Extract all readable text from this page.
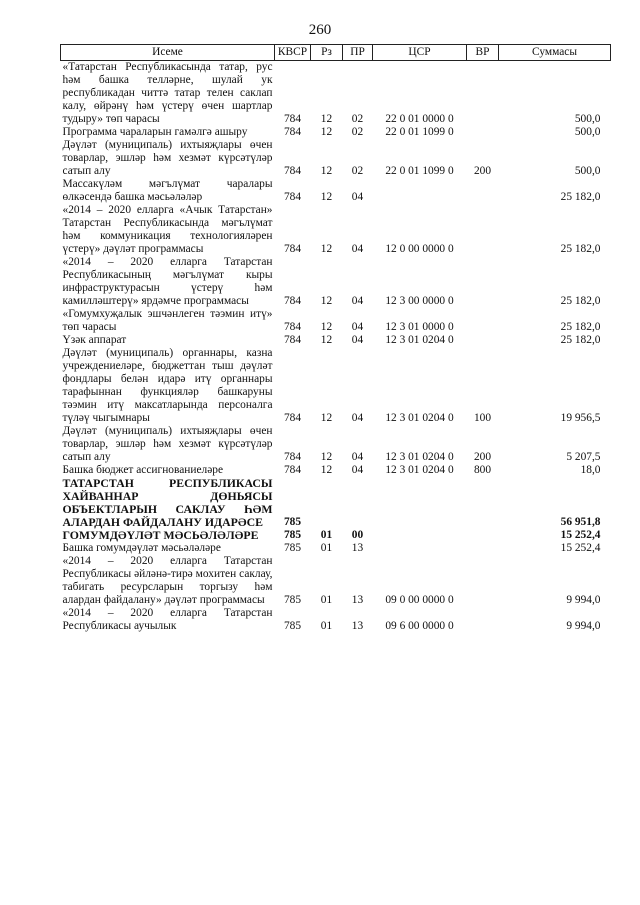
260
Исеме	КВСР	Рз	ПР	ЦСР	ВР	Суммасы
«Татарстан Республикасында татар, рус һәм башка телләрне, шулай ук республикадан читтә татар телен саклап калу, өйрәнү һәм үстерү өчен шартлар тудыру» төп чарасы	784	12	02	22 0 01 0000 0		500,0
Программа чараларын гамәлгә ашыру	784	12	02	22 0 01 1099 0		500,0
Дәүләт (муниципаль) ихтыяҗлары өчен товарлар, эшләр һәм хезмәт күрсәтүләр сатып алу	784	12	02	22 0 01 1099 0	200	500,0
Массакүләм мәгълүмат чаралары өлкәсендә башка мәсьәләләр	784	12	04			25 182,0
«2014 – 2020 елларга «Ачык Татарстан» Татарстан Республикасында мәгълүмат һәм коммуникация технологияләрен үстерү» дәүләт программасы	784	12	04	12 0 00 0000 0		25 182,0
«2014 – 2020 елларга Татарстан Республикасының мәгълүмат кыры инфраструктурасын үстерү һәм камилләштерү» ярдәмче программасы	784	12	04	12 3 00 0000 0		25 182,0
«Гомумхуҗалык эшчәнлеген тәэмин итү» төп чарасы	784	12	04	12 3 01 0000 0		25 182,0
Үзәк аппарат	784	12	04	12 3 01 0204 0		25 182,0
Дәүләт (муниципаль) органнары, казна учреждениеләре, бюджеттан тыш дәүләт фондлары белән идарә итү органнары тарафыннан функцияләр башкаруны тәэмин итү максатларында персоналга түләү чыгымнары	784	12	04	12 3 01 0204 0	100	19 956,5
Дәүләт (муниципаль) ихтыяҗлары өчен товарлар, эшләр һәм хезмәт күрсәтүләр сатып алу	784	12	04	12 3 01 0204 0	200	5 207,5
Башка бюджет ассигнованиеләре	784	12	04	12 3 01 0204 0	800	18,0
ТАТАРСТАН РЕСПУБЛИКАСЫ ХАЙВАННАР ДӨНЬЯСЫ ОБЪЕКТЛАРЫН САКЛАУ ҺӘМ АЛАРДАН ФАЙДАЛАНУ ИДАРӘСЕ	785					56 951,8
ГОМУМДӘҮЛӘТ МӘСЬӘЛӘЛӘРЕ	785	01	00			15 252,4
Башка гомумдәүләт мәсьәләләре	785	01	13			15 252,4
«2014 – 2020 елларга Татарстан Республикасы әйләнә-тирә мохитен саклау, табигать ресурсларын торгызу һәм алардан файдалану» дәүләт программасы	785	01	13	09 0 00 0000 0		9 994,0
«2014 – 2020 елларга Татарстан Республикасы аучылык	785	01	13	09 6 00 0000 0		9 994,0
